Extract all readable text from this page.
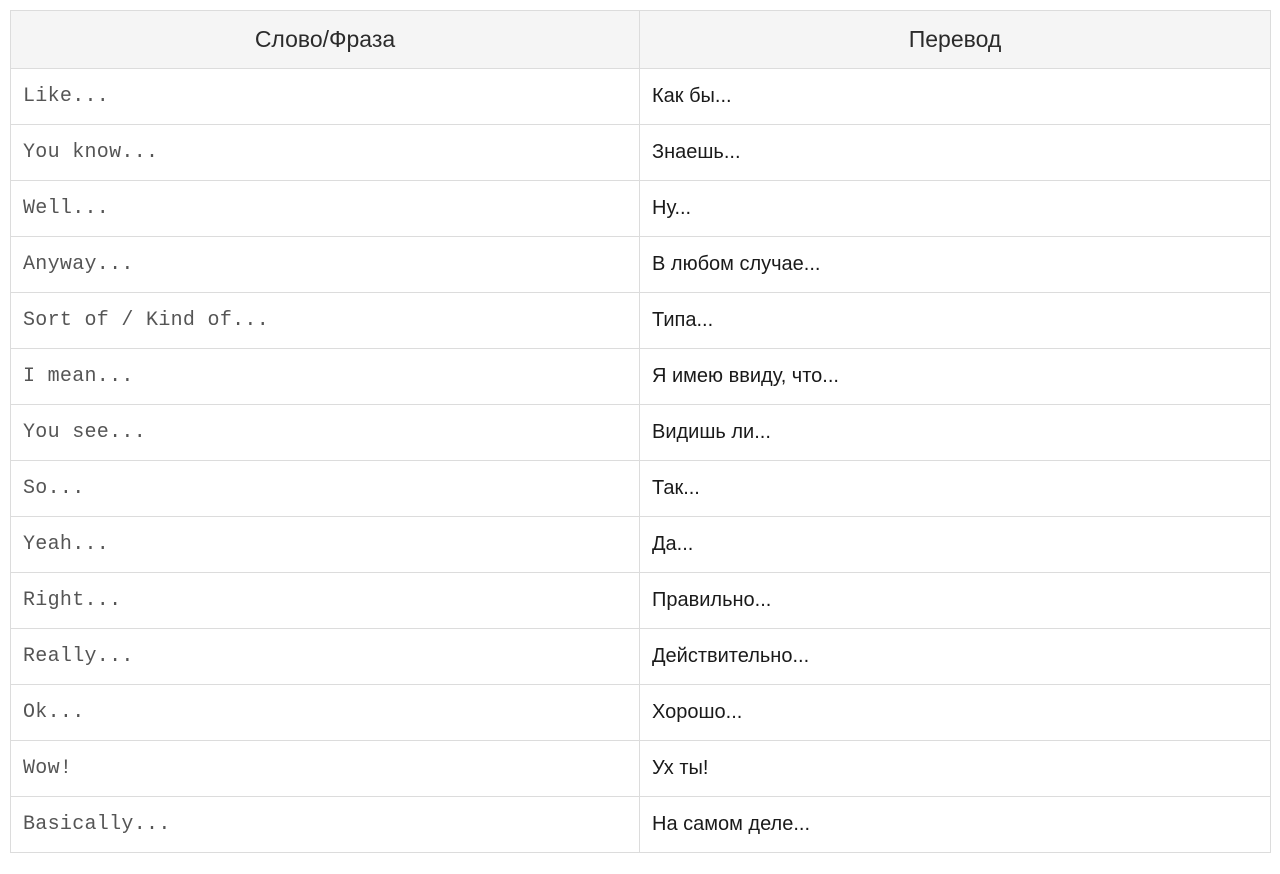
Слово/Фраза	Перевод
Like...	Как бы...
You know...	Знаешь...
Well...	Ну...
Anyway...	В любом случае...
Sort of / Kind of...	Типа...
I mean...	Я имею ввиду, что...
You see...	Видишь ли...
So...	Так...
Yeah...	Да...
Right...	Правильно...
Really...	Действительно...
Ok...	Хорошо...
Wow!	Ух ты!
Basically...	На самом деле...
